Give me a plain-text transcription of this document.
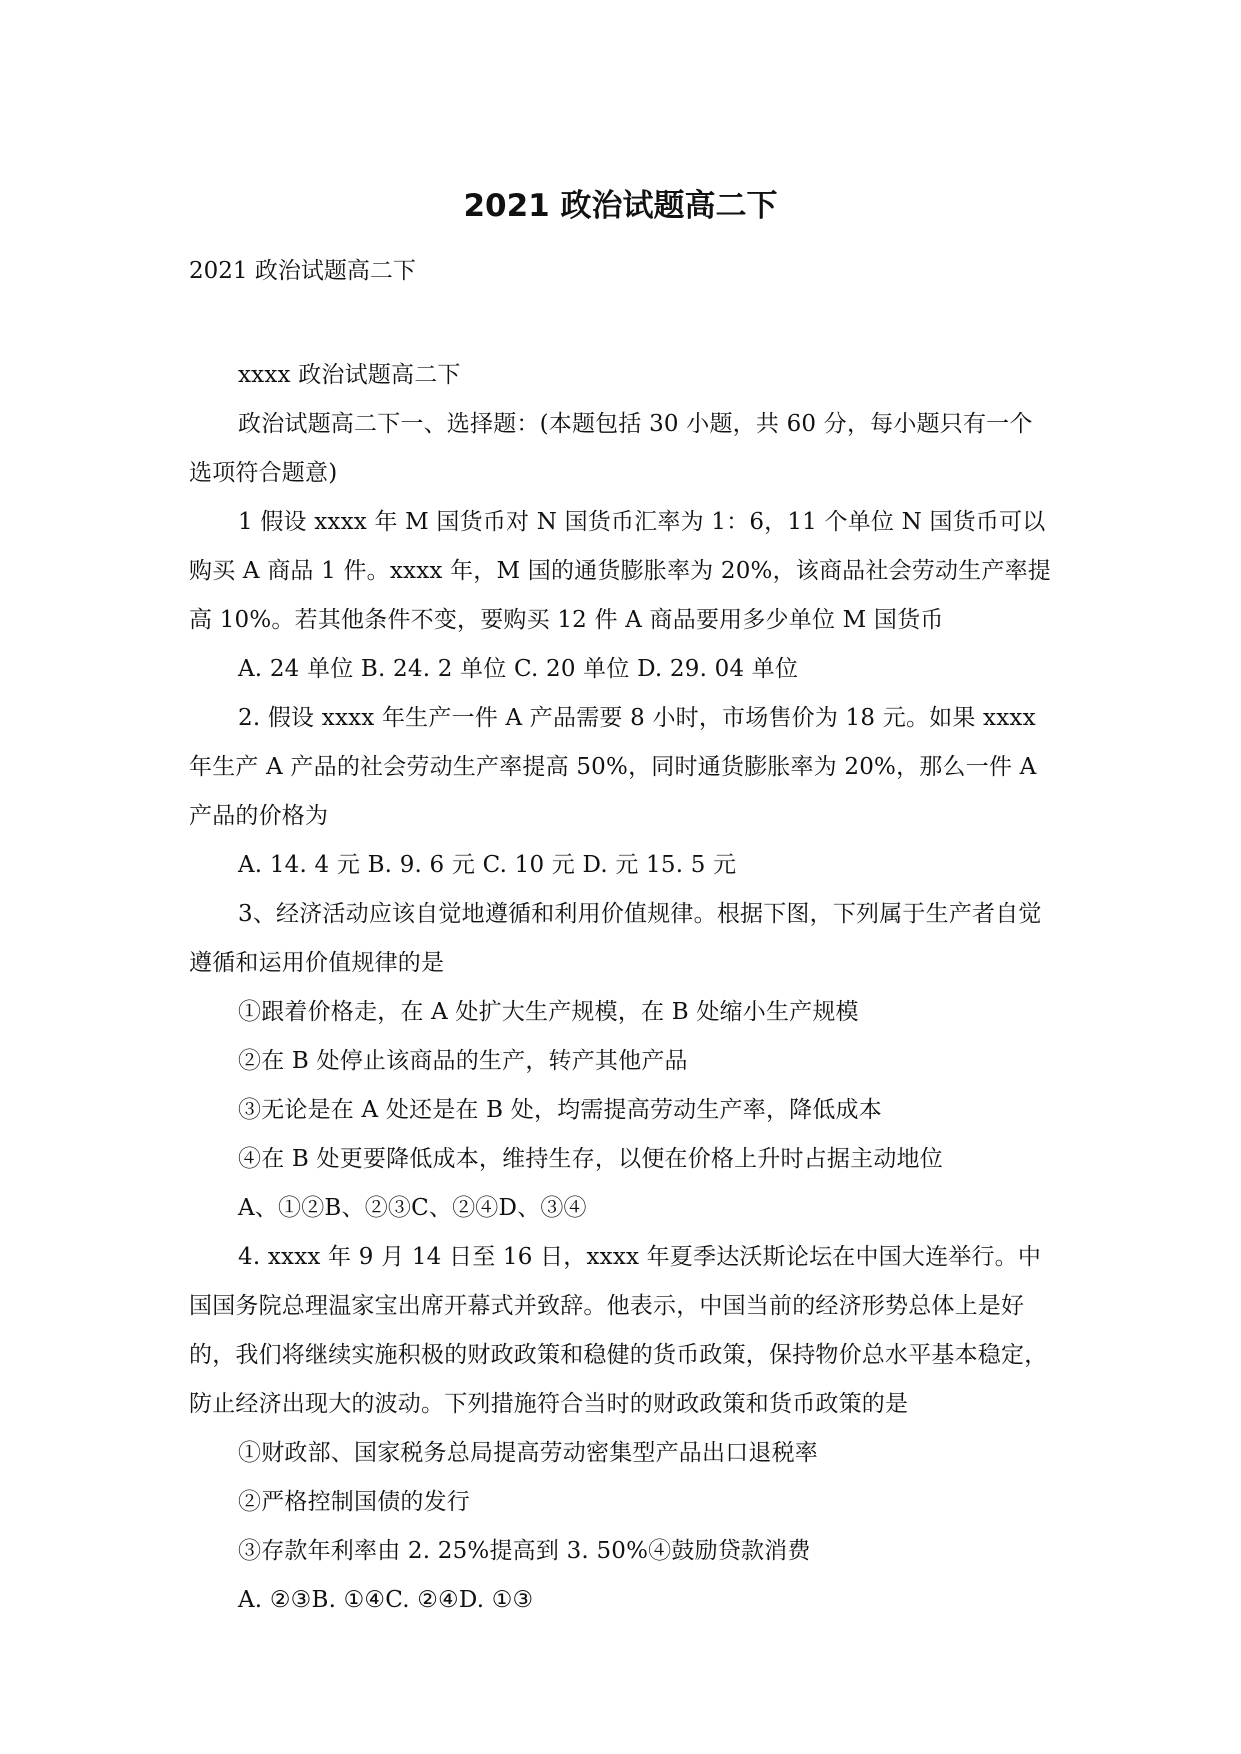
2021 政治试题高二下

2021 政治试题高二下

xxxx 政治试题高二下

政治试题高二下一、选择题：(本题包括 30 小题，共 60 分，每小题只有一个选项符合题意)

1 假设 xxxx 年 M 国货币对 N 国货币汇率为 1：6，11 个单位 N 国货币可以购买 A 商品 1 件。xxxx 年，M 国的通货膨胀率为 20%，该商品社会劳动生产率提高 10%。若其他条件不变，要购买 12 件 A 商品要用多少单位 M 国货币

A. 24 单位 B. 24. 2 单位 C. 20 单位 D. 29. 04 单位

2. 假设 xxxx 年生产一件 A 产品需要 8 小时，市场售价为 18 元。如果 xxxx 年生产 A 产品的社会劳动生产率提高 50%，同时通货膨胀率为 20%，那么一件 A 产品的价格为

A. 14. 4 元 B. 9. 6 元 C. 10 元 D. 元 15. 5 元

3、经济活动应该自觉地遵循和利用价值规律。根据下图，下列属于生产者自觉遵循和运用价值规律的是

①跟着价格走，在 A 处扩大生产规模，在 B 处缩小生产规模

②在 B 处停止该商品的生产，转产其他产品

③无论是在 A 处还是在 B 处，均需提高劳动生产率，降低成本

④在 B 处更要降低成本，维持生存，以便在价格上升时占据主动地位

A、①②B、②③C、②④D、③④

4. xxxx 年 9 月 14 日至 16 日，xxxx 年夏季达沃斯论坛在中国大连举行。中国国务院总理温家宝出席开幕式并致辞。他表示，中国当前的经济形势总体上是好的，我们将继续实施积极的财政政策和稳健的货币政策，保持物价总水平基本稳定，防止经济出现大的波动。下列措施符合当时的财政政策和货币政策的是

①财政部、国家税务总局提高劳动密集型产品出口退税率

②严格控制国债的发行

③存款年利率由 2. 25%提高到 3. 50%④鼓励贷款消费

A. ②③B. ①④C. ②④D. ①③
